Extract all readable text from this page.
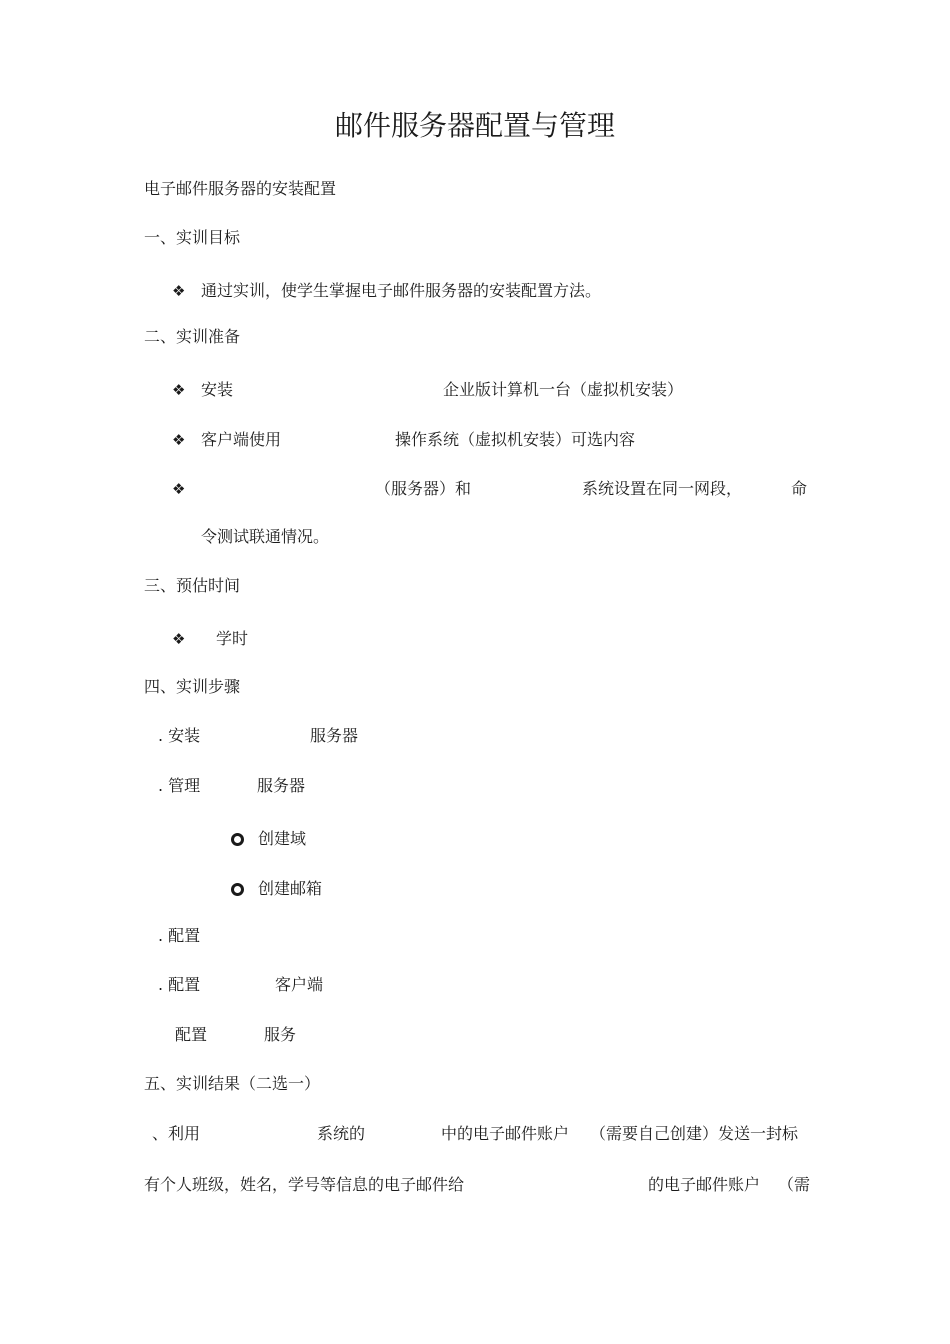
邮件服务器配置与管理
电子邮件服务器的安装配置
一、实训目标
❖ 通过实训，使学生掌握电子邮件服务器的安装配置方法。
二、实训准备
❖ 安装	企业版计算机一台（虚拟机安装）
❖ 客户端使用	操作系统（虚拟机安装）可选内容
❖	（服务器）和	系统设置在同一网段，	命
令测试联通情况。
三、预估时间
❖ 学时
四、实训步骤
. 安装	服务器
. 管理	服务器
创建域
创建邮箱
. 配置
. 配置	客户端
配置	服务
五、实训结果（二选一）
、利用	系统的	中的电子邮件账户 （需要自己创建）发送一封标
有个人班级，姓名，学号等信息的电子邮件给	的电子邮件账户 （需
